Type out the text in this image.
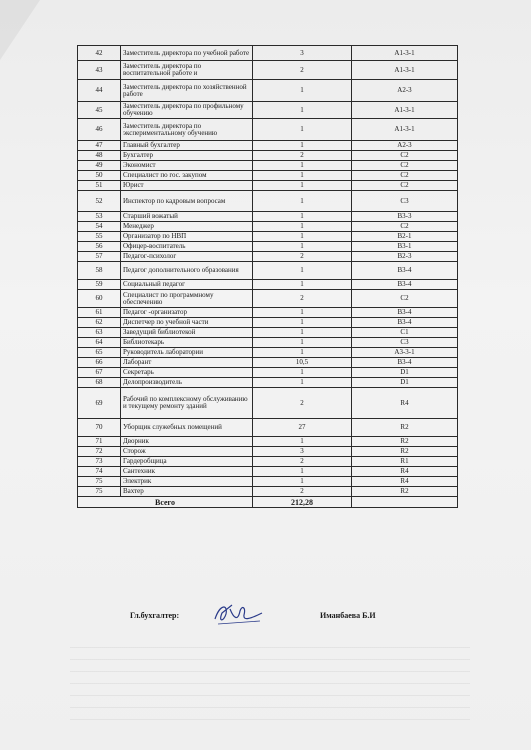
42	Заместитель директора по учебной работе	3	А1-3-1
43	Заместитель директора по воспитательной работе и	2	А1-3-1
44	Заместитель директора по хозяйственной работе	1	А2-3
45	Заместитель директора по профильному обучению	1	А1-3-1
46	Заместитель директора по экспериментальному обучению	1	А1-3-1
47	Главный бухгалтер	1	А2-3
48	Бухгалтер	2	С2
49	Экономист	1	С2
50	Специалист по гос. закупом	1	С2
51	Юрист	1	С2
52	Инспектор по кадровым вопросам	1	С3
53	Старший вожатый	1	В3-3
54	Менеджер	1	С2
55	Организатор по НВП	1	В2-1
56	Офицер-воспитатель	1	В3-1
57	Педагог-психолог	2	В2-3
58	Педагог дополнительного образования	1	В3-4
59	Социальный педагог	1	В3-4
60	Специалист по программному обеспечению	2	С2
61	Педагог -организатор	1	В3-4
62	Диспетчер по учебной части	1	В3-4
63	Заведущий библиотекой	1	С1
64	Библиотекарь	1	С3
65	Руководитель лаборатории	1	А3-3-1
66	Лаборант	10,5	В3-4
67	Секретарь	1	D1
68	Делопроизводитель	1	D1
69	Рабочий по комплексному обслуживанию и текущему ремонту зданий	2	R4
70	Уборщик служебных помещений	27	R2
71	Дворник	1	R2
72	Сторож	3	R2
73	Гардеробщица	2	R1
74	Сантехник	1	R4
75	Электрик	1	R4
75	Вахтер	2	R2
Всего		212,28	
Гл.бухгалтер:	Иманбаева Б.И
